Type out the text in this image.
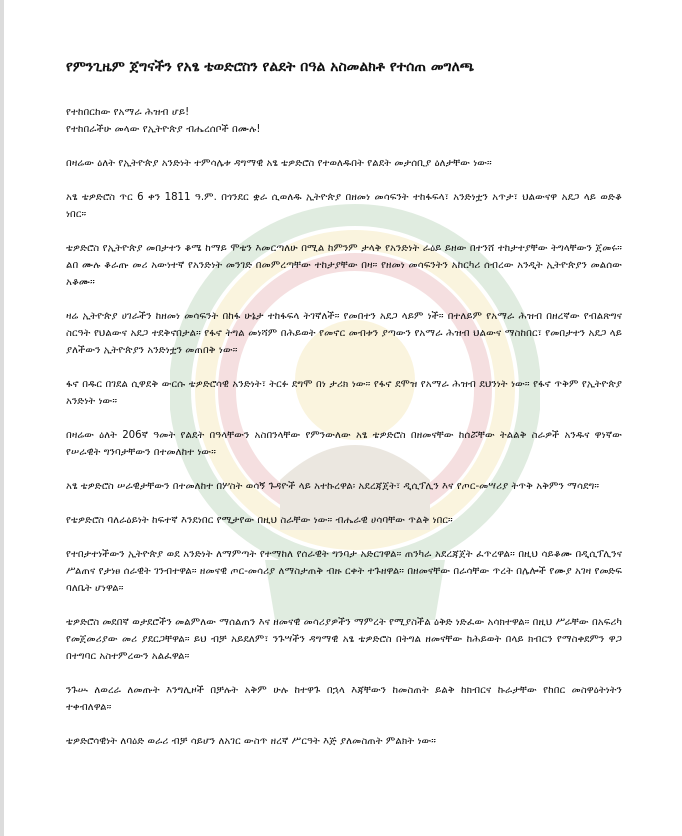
የምንጊዜም ጀግናችን የአፄ ቴወድሮስን የልደት በዓል አስመልክቶ የተሰጠ መግለጫ
የተከበርከው የአማራ ሕዝብ ሆይ!
የተከበራችሁ መላው የኢትዮጵያ ብሔረሰቦች በሙሉ!

በዛሬው ዕለት የኢትዮጵያ አንድነት ተምሳሌቱ ዳግማዊ አፄ ቴዎድሮስ የተወለዱበት የልደት መታሰቢያ ዕለታቸው ነው።

አፄ ቴዎድሮስ ጥር 6 ቀን 1811 ዓ.ም. በጎንደር ቋራ ሲወለዱ ኢትዮጵያ በዘመነ መሳፍንት ተከፋፍላ፣ አንድነቷን አጥታ፣ ህልውናዋ አደጋ ላይ ወድቆ ነበር።

ቴዎድሮስ የኢትዮጵያ መበታተን ቆሜ ከማይ ሞቴን እመርጣለሁ በሚል ከምንም ታላቅ የአንድነት ራዕይ ይዘው በተንሸ ተከታተያቸው ትግላቸውን ጀመሩ። ልበ ሙሉ ቆራጡ መሪ አውነተኛ የአንድነት መንገድ በመምረጣቸው ተከታያቸው በዛ። የዘመነ መሳፍንትን አከርካሪ ሰብረው አንዲት ኢትዮጵያን መልሰው አቆሙ።

ዛሬ ኢትዮጵያ ሀገራችን ከዘመነ መሳፍንት በከፋ ሁኔታ ተከፋፍላ ትገኛለች። የመበተን አደጋ ላይም ነች። በተለይም የአማራ ሕዝብ በዘረኛው የብልጽግና ስርዓት የህልውና አደጋ ተደቅኖበታል። የፋኖ ትግል መነሻም በሕይወት የመኖር መብቱን ያጣውን የአማራ ሕዝብ ህልውና ማስከበር፣ የመበታተን አደጋ ላይ ያለችውን ኢትዮጵያን አንድነቷን መጠበቅ ነው።

ፋኖ በዱር በገደል ሲዋደቅ ውርሱ ቴዎድሮሳዊ አንድነት፣ ትርፉ ደግሞ በነ ታሪክ ነው። የፋኖ ደሞዝ የአማራ ሕዝብ ደህንነት ነው። የፋኖ ጥቅም የኢትዮጵያ አንድነት ነው።

በዛሬው ዕለት 206ኛ ዓመት የልደት በዓላቸውን አስበንላቸው የምንውለው አፄ ቴዎድሮስ በዘመናቸው ከሰሯቸው ትልልቅ ስራዎች አንዱና ዋነኛው የሠራዊት ግንባታቸውን በተመለከተ ነው።

አፄ ቴዎድሮስ ሠራዊታቸውን በተመለከተ በሦስት ወሳኝ ጉዳዮች ላይ አተኩረዋል፡ አደረጃጀት፣ ዲሲፕሊን እና የጦር-መሣሪያ ትጥቅ አቅምን ማሳደግ።

የቴዎድሮስ ባለራዕይነት ከፍተኛ እንደነበር የሚታየው በዚህ ስራቸው ነው። ብሔራዊ ሀሳባቸው ጥልቅ ነበር።

የተበታተነችውን ኢትዮጵያ ወደ አንድነት ለማምጣት የተማከለ የሰራዊት ግንባታ አድርገዋል። ጠንካራ አደረጃጀት ፈጥረዋል። በዚህ ሳይቆሙ በዲሲፕሊንና ሥልጠና የታነፀ ሰራዊት ገንብተዋል። ዘመናዊ ጦር-መሳሪያ ለማስታጠቅ ብዙ ርቀት ተጉዘዋል። በዘመናቸው በራሳቸው ጥረት በሌሎች የሙያ አገዛ የመድፍ ባለቤት ሆነዋል።

ቴዎድሮስ መደበኛ ወታደሮችን መልምለው ማሰልጠን እና ዘመናዊ መሳሪያዎችን ማምረት የሚያስችል ዕቅድ ነድፈው አሳክተዋል። በዚህ ሥራቸው በአፍሪካ የመጀመሪያው መሪ ያደርጋቸዋል። ይህ ብቻ አይደለም፣ ንጉሣችን ዳግማዊ አፄ ቴዎድሮስ በትግል ዘመናቸው ከሕይወት በላይ ክብርን የማስቀደምን ዋጋ በተግባር አስተምረውን አልፈዋል።

ንጉሡ ለወረራ ለመጡት እንግሊዞች በቻሉት አቅም ሁሉ ከተዋጉ በኋላ እጃቸውን ከመስጠት ይልቅ ከክብርና ኩራታቸው የከበር መስዋዕትነትን ተቀብለዋል።

ቴዎድሮሳዊነት ለባዕድ ወራሪ ብቻ ሳይሆን ለአገር ውስጥ ዘረኛ ሥርዓት እጅ ያለመስጠት ምልክት ነው።
